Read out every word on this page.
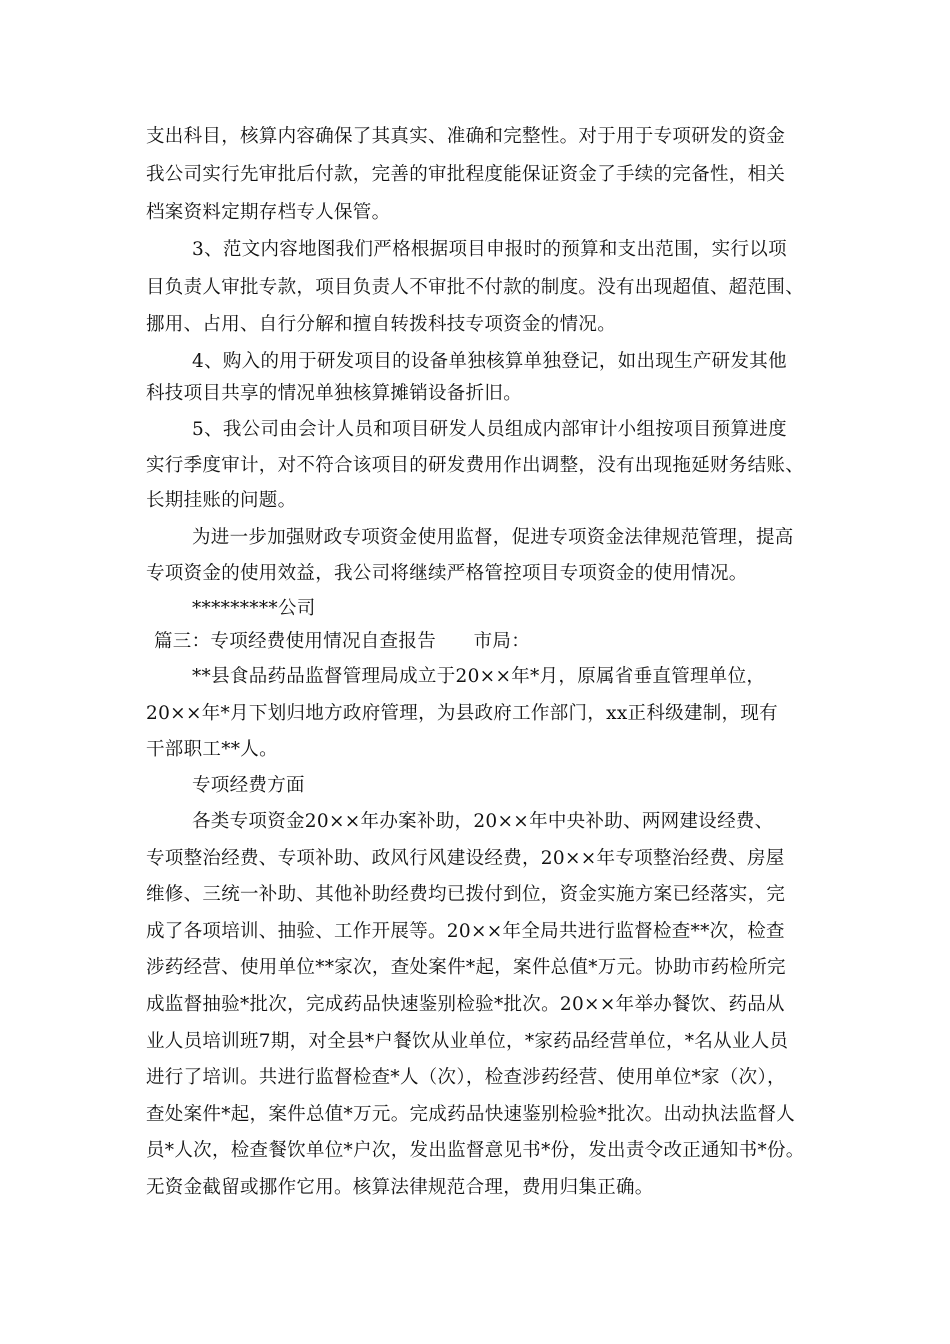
支出科目，核算内容确保了其真实、准确和完整性。对于用于专项研发的资金
我公司实行先审批后付款，完善的审批程度能保证资金了手续的完备性，相关
档案资料定期存档专人保管。
3、范文内容地图我们严格根据项目申报时的预算和支出范围，实行以项
目负责人审批专款，项目负责人不审批不付款的制度。没有出现超值、超范围、
挪用、占用、自行分解和擅自转拨科技专项资金的情况。
4、购入的用于研发项目的设备单独核算单独登记，如出现生产研发其他
科技项目共享的情况单独核算摊销设备折旧。
5、我公司由会计人员和项目研发人员组成内部审计小组按项目预算进度
实行季度审计，对不符合该项目的研发费用作出调整，没有出现拖延财务结账、
长期挂账的问题。
为进一步加强财政专项资金使用监督，促进专项资金法律规范管理，提高
专项资金的使用效益，我公司将继续严格管控项目专项资金的使用情况。
*********公司
篇三：专项经费使用情况自查报告　　市局：
**县食品药品监督管理局成立于20××年*月，原属省垂直管理单位，
20××年*月下划归地方政府管理，为县政府工作部门，xx正科级建制，现有
干部职工**人。
专项经费方面
各类专项资金20××年办案补助，20××年中央补助、两网建设经费、
专项整治经费、专项补助、政风行风建设经费，20××年专项整治经费、房屋
维修、三统一补助、其他补助经费均已拨付到位，资金实施方案已经落实，完
成了各项培训、抽验、工作开展等。20××年全局共进行监督检查**次，检查
涉药经营、使用单位**家次，查处案件*起，案件总值*万元。协助市药检所完
成监督抽验*批次，完成药品快速鉴别检验*批次。20××年举办餐饮、药品从
业人员培训班7期，对全县*户餐饮从业单位，*家药品经营单位，*名从业人员
进行了培训。共进行监督检查*人（次），检查涉药经营、使用单位*家（次），
查处案件*起，案件总值*万元。完成药品快速鉴别检验*批次。出动执法监督人
员*人次，检查餐饮单位*户次，发出监督意见书*份，发出责令改正通知书*份。
无资金截留或挪作它用。核算法律规范合理，费用归集正确。
